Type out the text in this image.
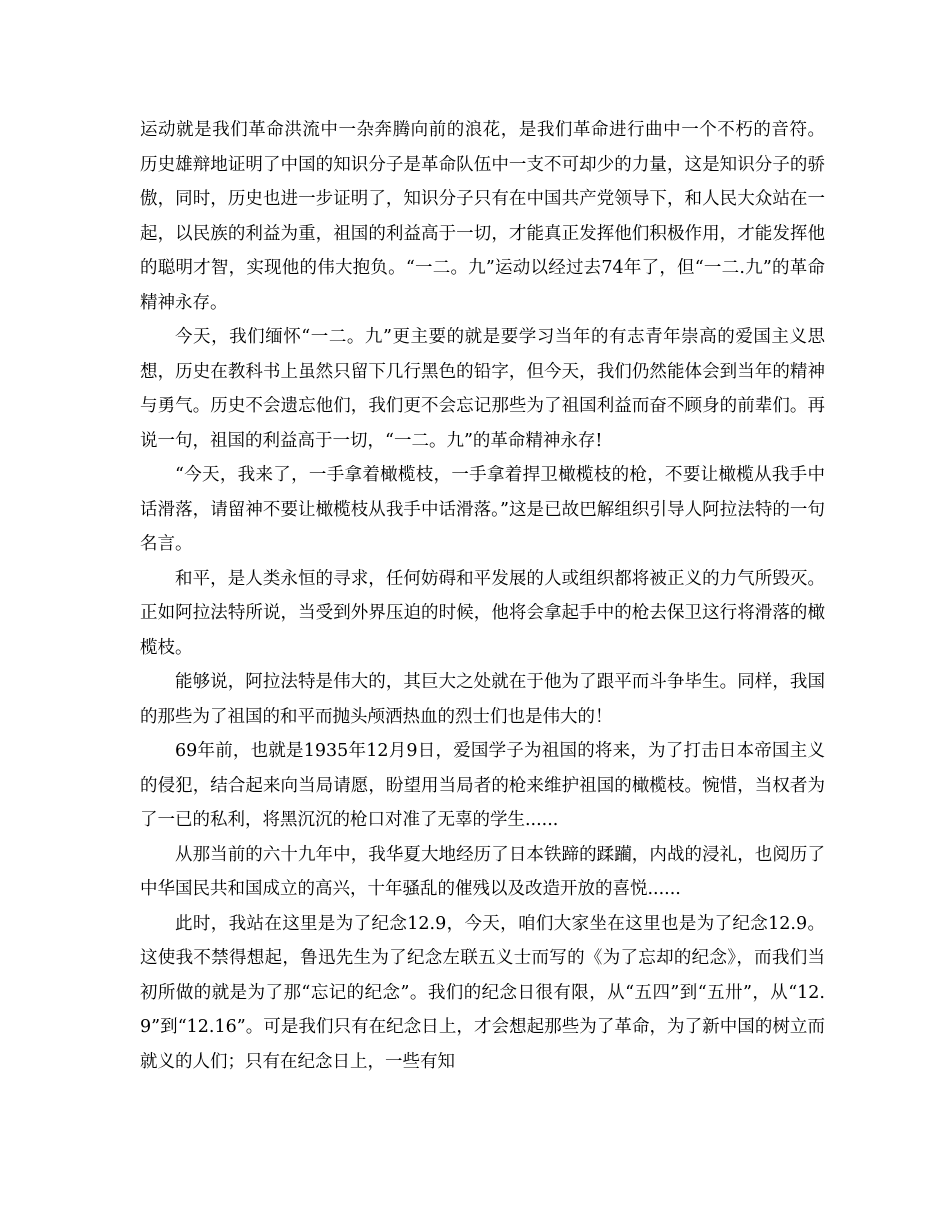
运动就是我们革命洪流中一杂奔腾向前的浪花，是我们革命进行曲中一个不朽的音符。 历史雄辩地证明了中国的知识分子是革命队伍中一支不可却少的力量，这是知识分子的骄傲，同时，历史也进一步证明了，知识分子只有在中国共产党领导下，和人民大众站在一起，以民族的利益为重，祖国的利益高于一切，才能真正发挥他们积极作用，才能发挥他的聪明才智，实现他的伟大抱负。“一二。九”运动以经过去74年了，但“一二.九”的革命精神永存。

今天，我们缅怀“一二。九”更主要的就是要学习当年的有志青年崇高的爱国主义思想，历史在教科书上虽然只留下几行黑色的铅字，但今天，我们仍然能体会到当年的精神与勇气。历史不会遗忘他们，我们更不会忘记那些为了祖国利益而奋不顾身的前辈们。再说一句，祖国的利益高于一切，“一二。九”的革命精神永存!

“今天，我来了，一手拿着橄榄枝，一手拿着捍卫橄榄枝的枪，不要让橄榄从我手中话滑落，请留神不要让橄榄枝从我手中话滑落。”这是已故巴解组织引导人阿拉法特的一句名言。

和平，是人类永恒的寻求，任何妨碍和平发展的人或组织都将被正义的力气所毁灭。正如阿拉法特所说，当受到外界压迫的时候，他将会拿起手中的枪去保卫这行将滑落的橄榄枝。

能够说，阿拉法特是伟大的，其巨大之处就在于他为了跟平而斗争毕生。同样，我国的那些为了祖国的和平而抛头颅洒热血的烈士们也是伟大的！

69年前，也就是1935年12月9日，爱国学子为祖国的将来，为了打击日本帝国主义的侵犯，结合起来向当局请愿，盼望用当局者的枪来维护祖国的橄榄枝。惋惜，当权者为了一已的私利，将黑沉沉的枪口对准了无辜的学生......

从那当前的六十九年中，我华夏大地经历了日本铁蹄的蹂躏，内战的浸礼，也阅历了中华国民共和国成立的高兴，十年骚乱的催残以及改造开放的喜悦......

此时，我站在这里是为了纪念12.9，今天，咱们大家坐在这里也是为了纪念12.9。这使我不禁得想起，鲁迅先生为了纪念左联五义士而写的《为了忘却的纪念》，而我们当初所做的就是为了那“忘记的纪念”。我们的纪念日很有限，从“五四”到“五卅”，从“12.9”到“12.16”。可是我们只有在纪念日上，才会想起那些为了革命，为了新中国的树立而就义的人们；只有在纪念日上，一些有知
